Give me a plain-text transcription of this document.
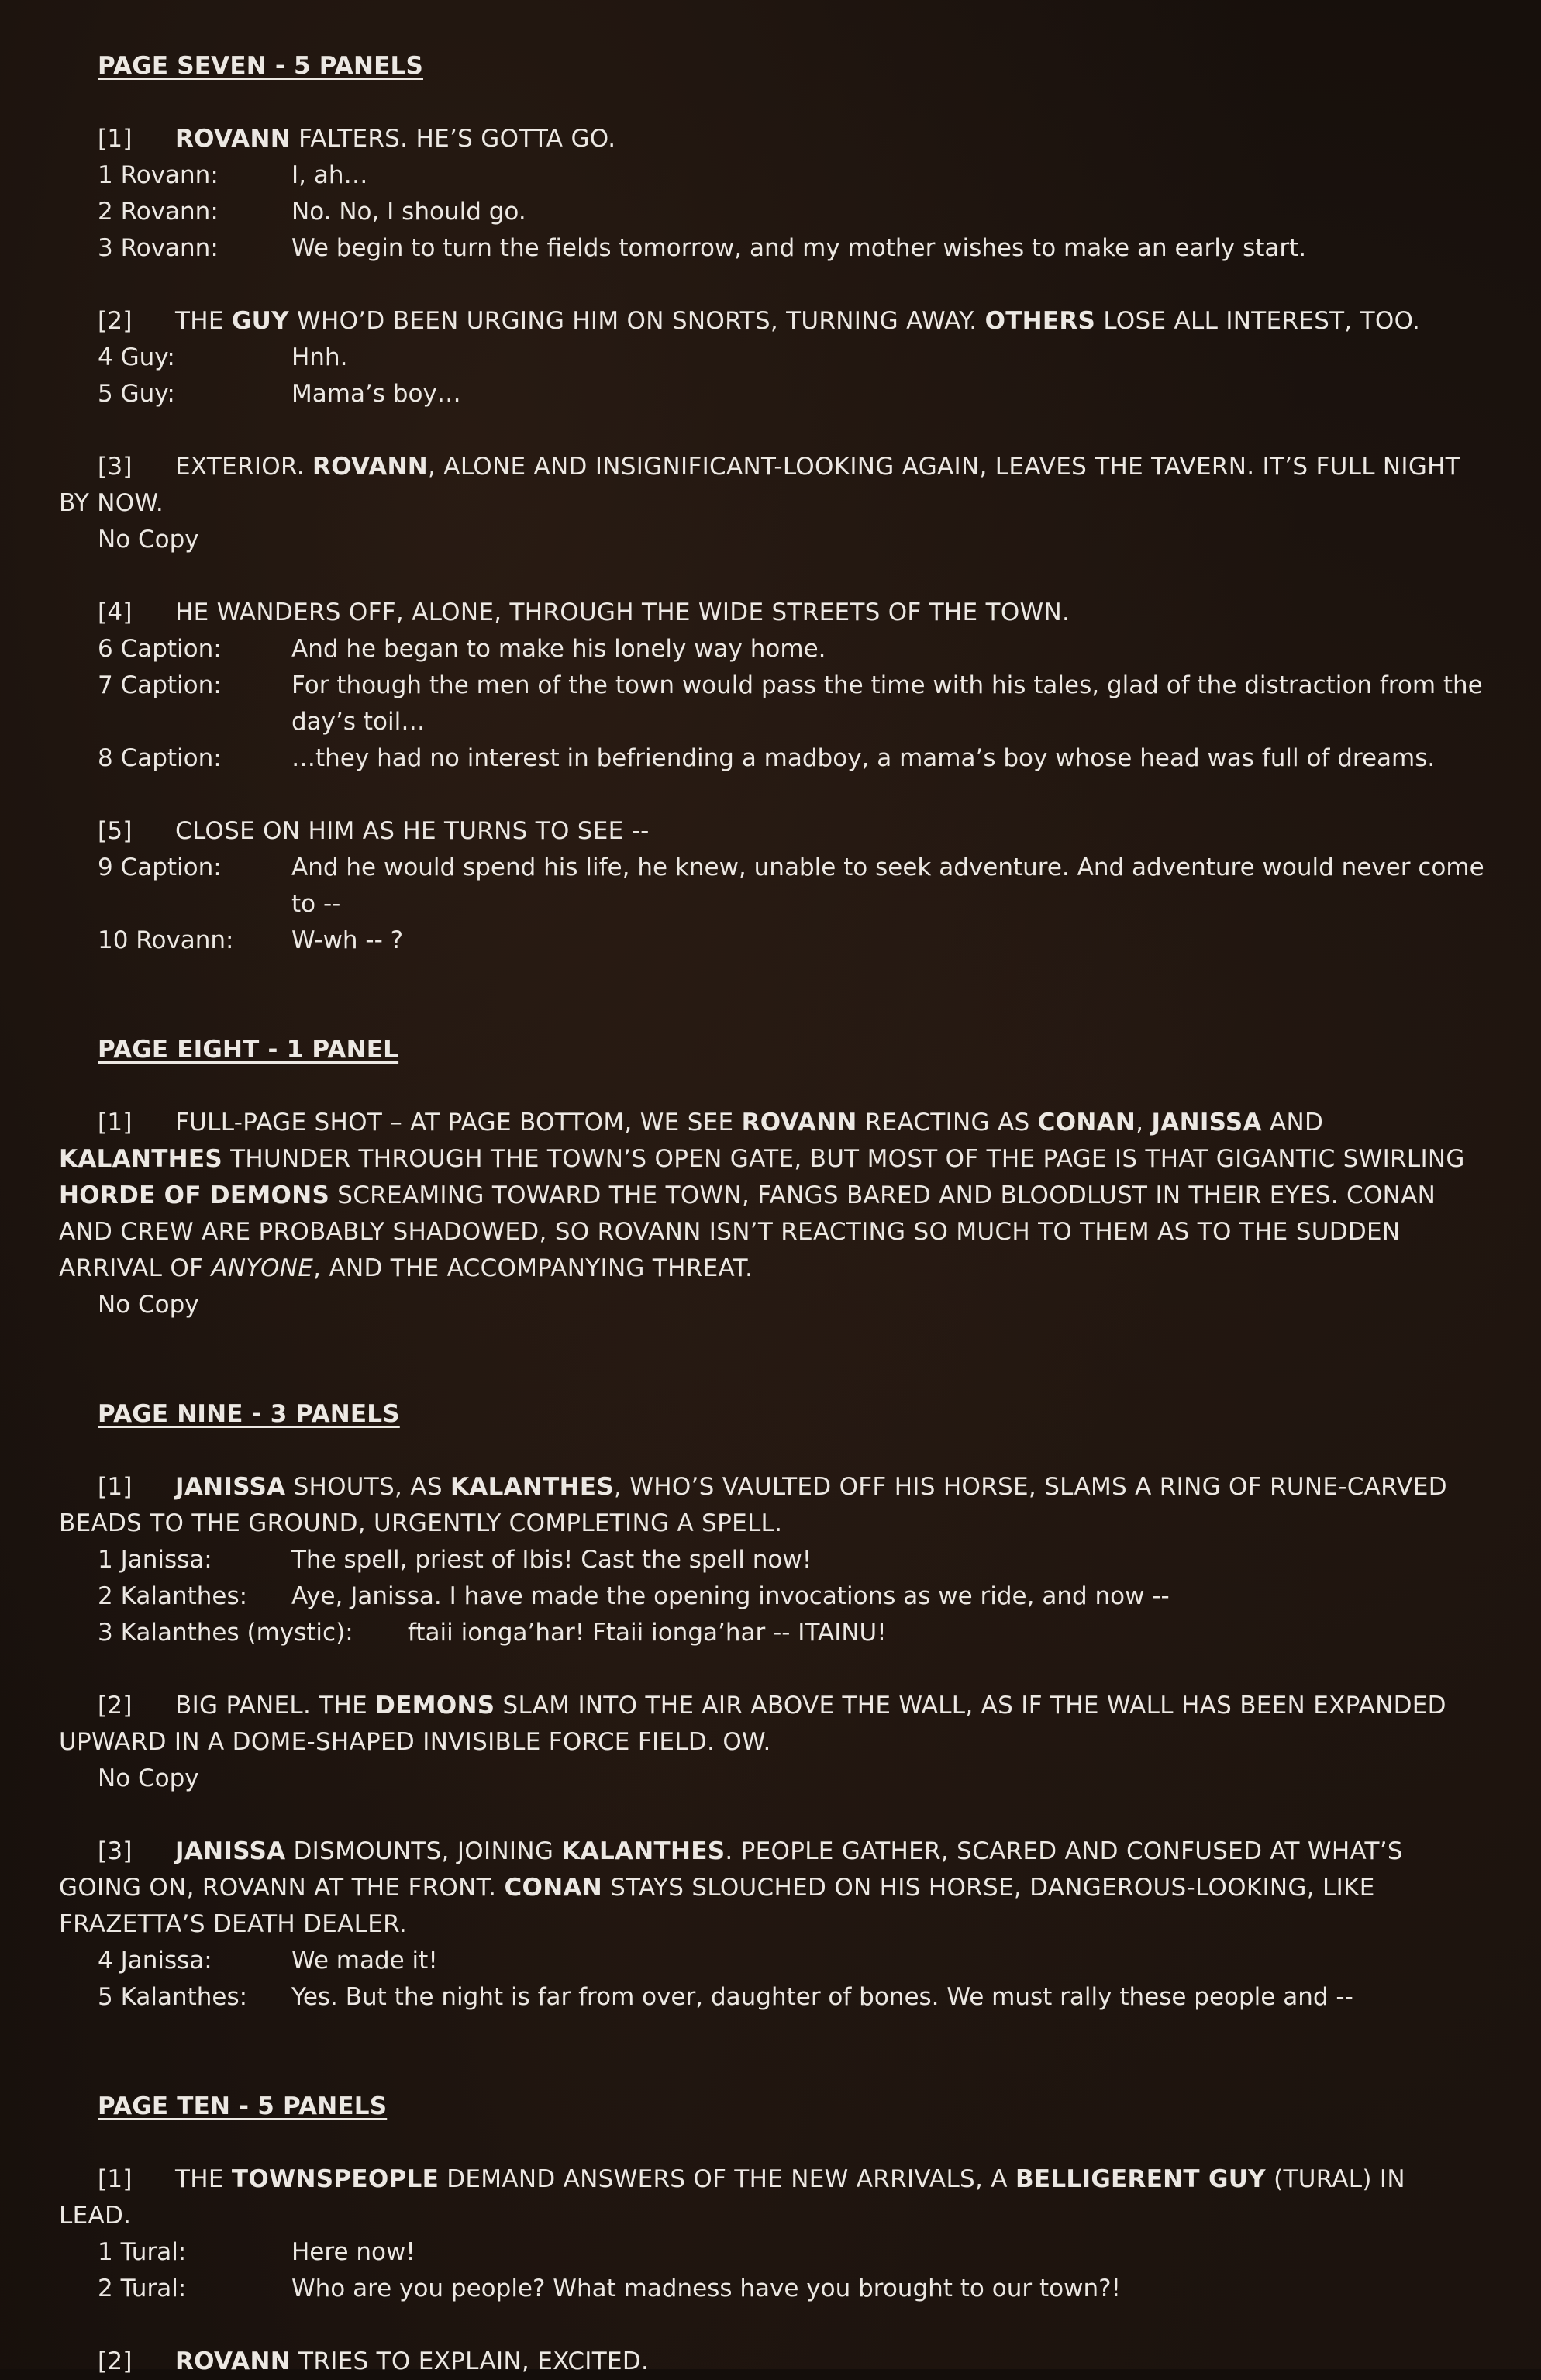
PAGE SEVEN - 5 PANELS
[1] ROVANN FALTERS. HE’S GOTTA GO.
1 Rovann:	I, ah…
2 Rovann:	No. No, I should go.
3 Rovann:	We begin to turn the fields tomorrow, and my mother wishes to make an early start.
[2] THE GUY WHO’D BEEN URGING HIM ON SNORTS, TURNING AWAY. OTHERS LOSE ALL INTEREST, TOO.
4 Guy:	Hnh.
5 Guy:	Mama’s boy…
[3] EXTERIOR. ROVANN, ALONE AND INSIGNIFICANT-LOOKING AGAIN, LEAVES THE TAVERN. IT’S FULL NIGHT BY NOW.
No Copy
[4] HE WANDERS OFF, ALONE, THROUGH THE WIDE STREETS OF THE TOWN.
6 Caption:	And he began to make his lonely way home.
7 Caption:	For though the men of the town would pass the time with his tales, glad of the distraction from the day’s toil…
8 Caption:	…they had no interest in befriending a madboy, a mama’s boy whose head was full of dreams.
[5] CLOSE ON HIM AS HE TURNS TO SEE --
9 Caption:	And he would spend his life, he knew, unable to seek adventure. And adventure would never come to --
10 Rovann:	W-wh -- ?
PAGE EIGHT - 1 PANEL
[1] FULL-PAGE SHOT – AT PAGE BOTTOM, WE SEE ROVANN REACTING AS CONAN, JANISSA AND KALANTHES THUNDER THROUGH THE TOWN’S OPEN GATE, BUT MOST OF THE PAGE IS THAT GIGANTIC SWIRLING HORDE OF DEMONS SCREAMING TOWARD THE TOWN, FANGS BARED AND BLOODLUST IN THEIR EYES. CONAN AND CREW ARE PROBABLY SHADOWED, SO ROVANN ISN’T REACTING SO MUCH TO THEM AS TO THE SUDDEN ARRIVAL OF ANYONE, AND THE ACCOMPANYING THREAT.
No Copy
PAGE NINE - 3 PANELS
[1] JANISSA SHOUTS, AS KALANTHES, WHO’S VAULTED OFF HIS HORSE, SLAMS A RING OF RUNE-CARVED BEADS TO THE GROUND, URGENTLY COMPLETING A SPELL.
1 Janissa:	The spell, priest of Ibis! Cast the spell now!
2 Kalanthes:	Aye, Janissa. I have made the opening invocations as we ride, and now --
3 Kalanthes (mystic):	ftaii ionga’har! Ftaii ionga’har -- ITAINU!
[2] BIG PANEL. THE DEMONS SLAM INTO THE AIR ABOVE THE WALL, AS IF THE WALL HAS BEEN EXPANDED UPWARD IN A DOME-SHAPED INVISIBLE FORCE FIELD. OW.
No Copy
[3] JANISSA DISMOUNTS, JOINING KALANTHES. PEOPLE GATHER, SCARED AND CONFUSED AT WHAT’S GOING ON, ROVANN AT THE FRONT. CONAN STAYS SLOUCHED ON HIS HORSE, DANGEROUS-LOOKING, LIKE FRAZETTA’S DEATH DEALER.
4 Janissa:	We made it!
5 Kalanthes:	Yes. But the night is far from over, daughter of bones. We must rally these people and --
PAGE TEN - 5 PANELS
[1] THE TOWNSPEOPLE DEMAND ANSWERS OF THE NEW ARRIVALS, A BELLIGERENT GUY (TURAL) IN LEAD.
1 Tural:	Here now!
2 Tural:	Who are you people? What madness have you brought to our town?!
[2] ROVANN TRIES TO EXPLAIN, EXCITED.
